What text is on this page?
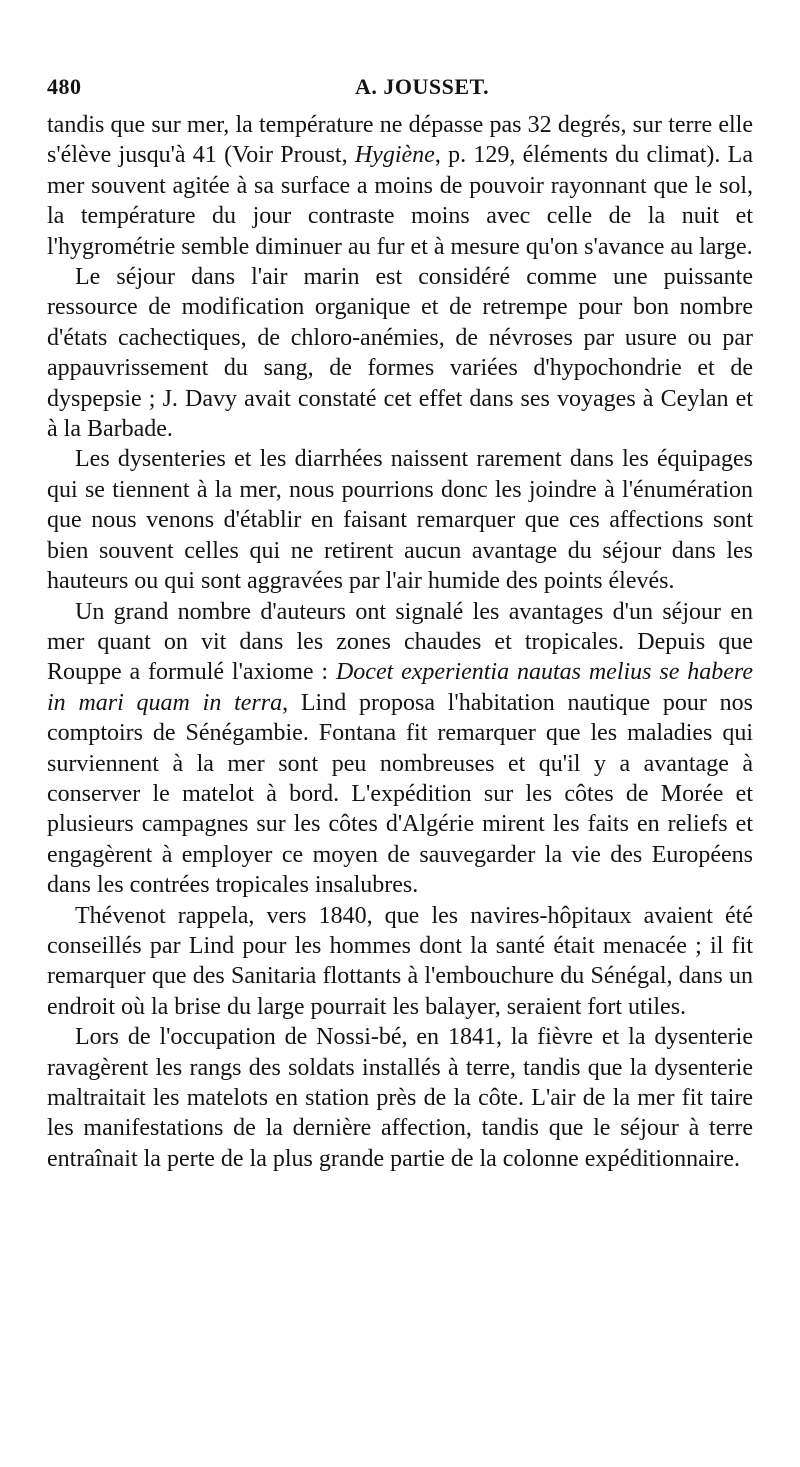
480	A. JOUSSET.

tandis que sur mer, la température ne dépasse pas 32 degrés, sur terre elle s'élève jusqu'à 41 (Voir Proust, Hygiène, p. 129, éléments du climat). La mer souvent agitée à sa surface a moins de pouvoir rayonnant que le sol, la température du jour contraste moins avec celle de la nuit et l'hygrométrie semble diminuer au fur et à mesure qu'on s'avance au large.

Le séjour dans l'air marin est considéré comme une puissante ressource de modification organique et de retrempe pour bon nombre d'états cachectiques, de chloro-anémies, de névroses par usure ou par appauvrissement du sang, de formes variées d'hypochondrie et de dyspepsie ; J. Davy avait constaté cet effet dans ses voyages à Ceylan et à la Barbade.

Les dysenteries et les diarrhées naissent rarement dans les équipages qui se tiennent à la mer, nous pourrions donc les joindre à l'énumération que nous venons d'établir en faisant remarquer que ces affections sont bien souvent celles qui ne retirent aucun avantage du séjour dans les hauteurs ou qui sont aggravées par l'air humide des points élevés.

Un grand nombre d'auteurs ont signalé les avantages d'un séjour en mer quant on vit dans les zones chaudes et tropicales. Depuis que Rouppe a formulé l'axiome : Docet experientia nautas melius se habere in mari quam in terra, Lind proposa l'habitation nautique pour nos comptoirs de Sénégambie. Fontana fit remarquer que les maladies qui surviennent à la mer sont peu nombreuses et qu'il y a avantage à conserver le matelot à bord. L'expédition sur les côtes de Morée et plusieurs campagnes sur les côtes d'Algérie mirent les faits en reliefs et engagèrent à employer ce moyen de sauvegarder la vie des Européens dans les contrées tropicales insalubres.

Thévenot rappela, vers 1840, que les navires-hôpitaux avaient été conseillés par Lind pour les hommes dont la santé était menacée ; il fit remarquer que des Sanitaria flottants à l'embouchure du Sénégal, dans un endroit où la brise du large pourrait les balayer, seraient fort utiles.

Lors de l'occupation de Nossi-bé, en 1841, la fièvre et la dysenterie ravagèrent les rangs des soldats installés à terre, tandis que la dysenterie maltraitait les matelots en station près de la côte. L'air de la mer fit taire les manifestations de la dernière affection, tandis que le séjour à terre entraînait la perte de la plus grande partie de la colonne expéditionnaire.
